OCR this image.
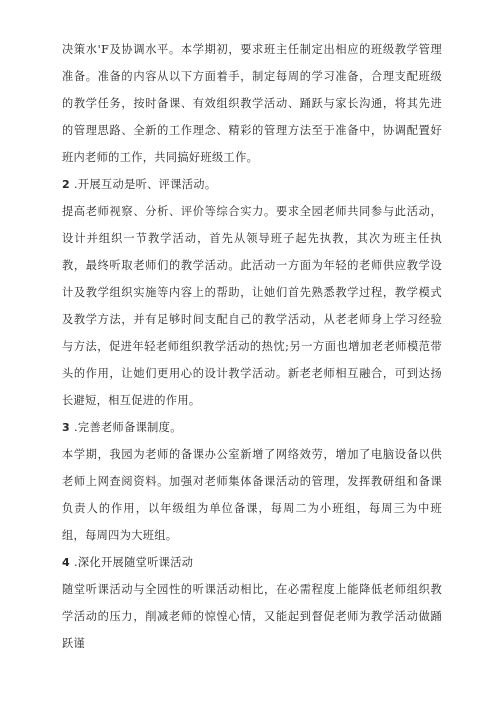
决策水'F及协调水平。本学期初，要求班主任制定出相应的班级教学管理准备。准备的内容从以下方面着手，制定每周的学习准备，合理支配班级的教学任务，按时备课、有效组织教学活动、踊跃与家长沟通，将其先进的管理思路、全新的工作理念、精彩的管理方法至于准备中，协调配置好班内老师的工作，共同搞好班级工作。

2 .开展互动是听、评课活动。

提高老师视察、分析、评价等综合实力。要求全园老师共同参与此活动，设计并组织一节教学活动，首先从领导班子起先执教，其次为班主任执教，最终听取老师们的教学活动。此活动一方面为年轻的老师供应教学设计及教学组织实施等内容上的帮助，让她们首先熟悉教学过程，教学模式及教学方法，并有足够时间支配自己的教学活动，从老老师身上学习经验与方法，促进年轻老师组织教学活动的热忱;另一方面也增加老老师模范带头的作用，让她们更用心的设计教学活动。新老老师相互融合，可到达扬长避短，相互促进的作用。

3 .完善老师备课制度。

本学期，我园为老师的备课办公室新增了网络效劳，增加了电脑设备以供老师上网查阅资料。加强对老师集体备课活动的管理，发挥教研组和备课负责人的作用，以年级组为单位备课，每周二为小班组，每周三为中班组，每周四为大班组。

4 .深化开展随堂听课活动

随堂听课活动与全园性的听课活动相比，在必需程度上能降低老师组织教学活动的压力，削减老师的惊惶心情，又能起到督促老师为教学活动做踊跃谨
